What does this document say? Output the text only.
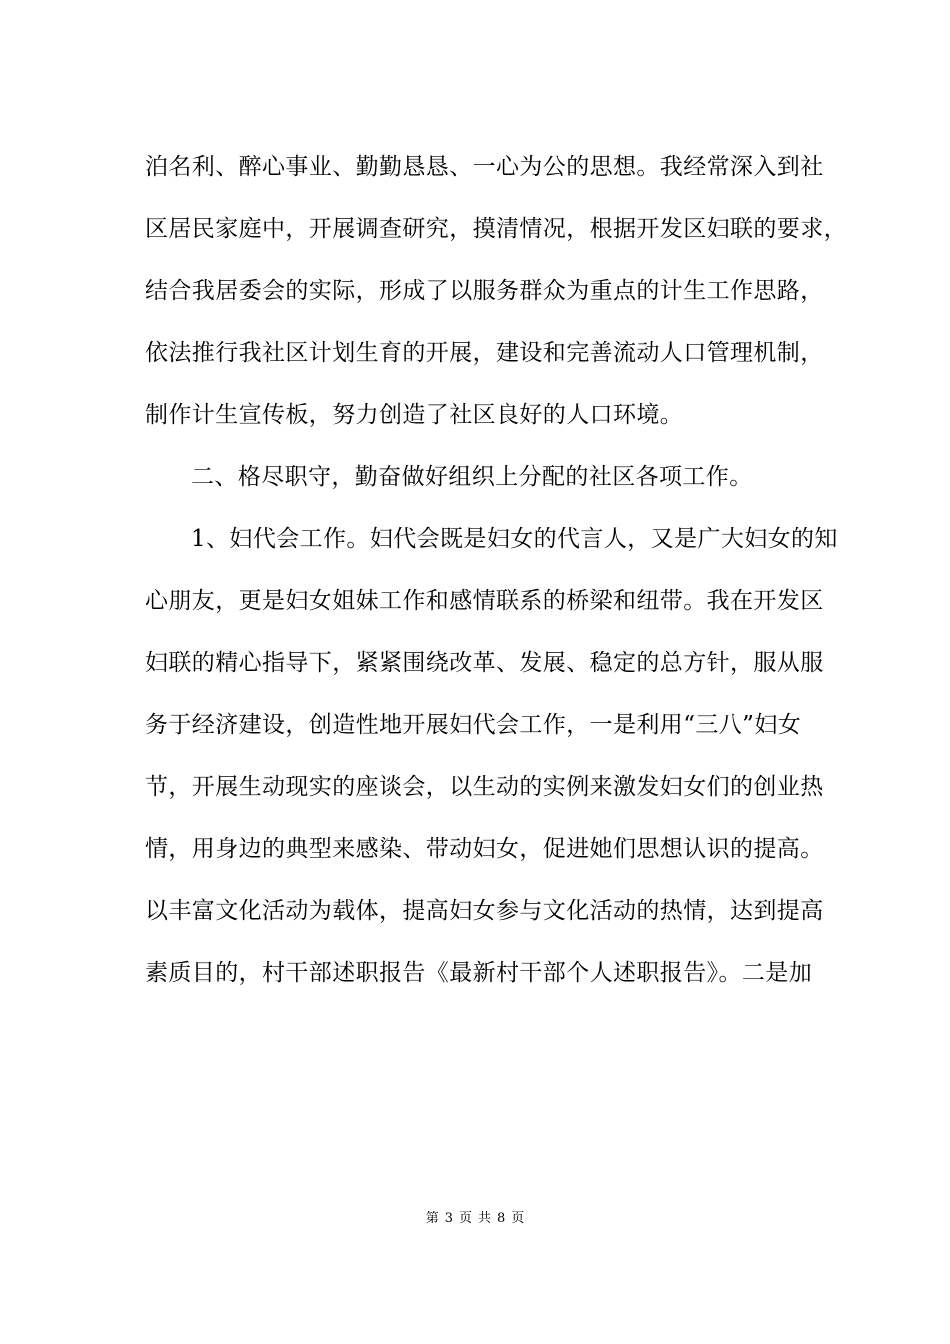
泊名利、醉心事业、勤勤恳恳、一心为公的思想。我经常深入到社
区居民家庭中，开展调查研究，摸清情况，根据开发区妇联的要求，
结合我居委会的实际，形成了以服务群众为重点的计生工作思路，
依法推行我社区计划生育的开展，建设和完善流动人口管理机制，
制作计生宣传板，努力创造了社区良好的人口环境。
二、格尽职守，勤奋做好组织上分配的社区各项工作。
1、妇代会工作。妇代会既是妇女的代言人，又是广大妇女的知
心朋友，更是妇女姐妹工作和感情联系的桥梁和纽带。我在开发区
妇联的精心指导下，紧紧围绕改革、发展、稳定的总方针，服从服
务于经济建设，创造性地开展妇代会工作，一是利用“三八”妇女
节，开展生动现实的座谈会，以生动的实例来激发妇女们的创业热
情，用身边的典型来感染、带动妇女，促进她们思想认识的提高。
以丰富文化活动为载体，提高妇女参与文化活动的热情，达到提高
素质目的，村干部述职报告《最新村干部个人述职报告》。二是加
第 3 页 共 8 页
